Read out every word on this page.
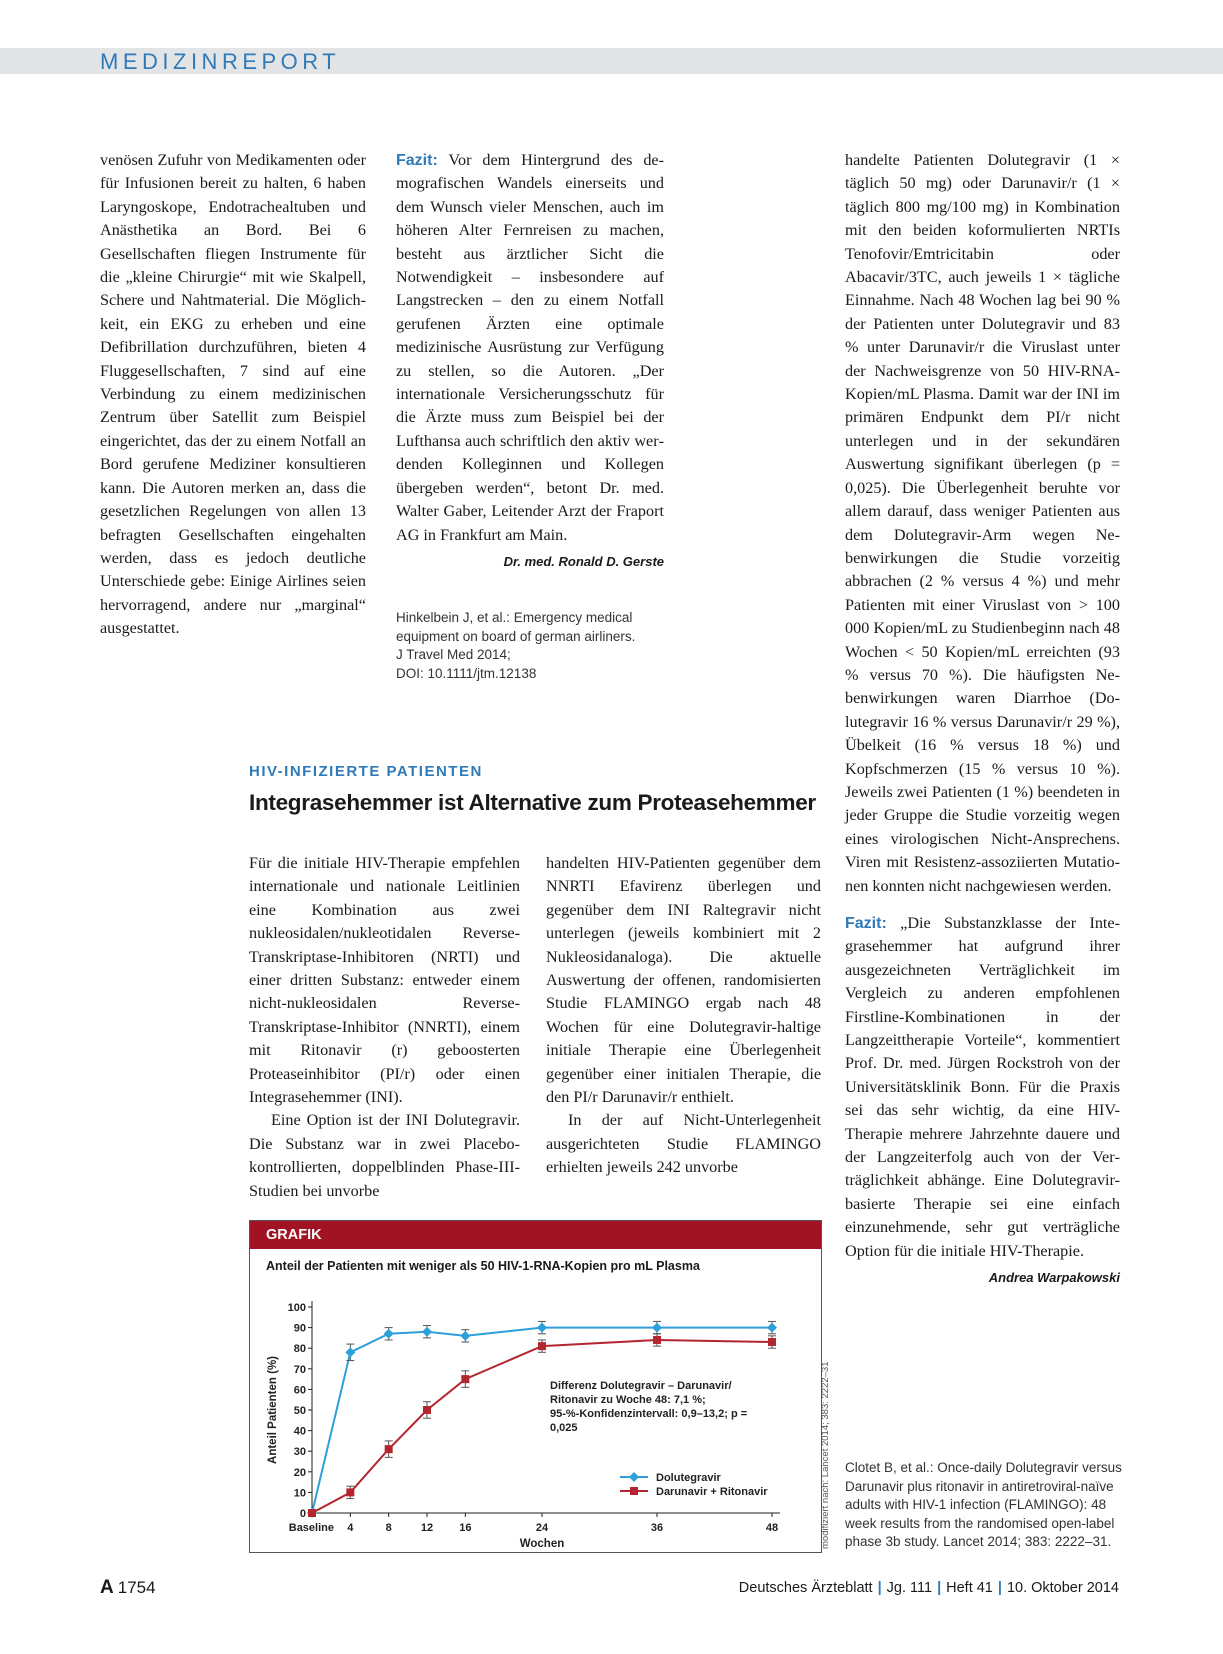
MEDIZINREPORT

venösen Zufuhr von Medikamenten oder für Infusionen bereit zu halten, 6 haben Laryngoskope, Endotrachealtuben und Anästhetika an Bord. Bei 6 Gesellschaften fliegen Instrumente für die „kleine Chirurgie“ mit wie Skalpell, Schere und Nahtmaterial. Die Möglichkeit, ein EKG zu erheben und eine Defibrillation durchzuführen, bieten 4 Fluggesellschaften, 7 sind auf eine Verbindung zu einem medizinischen Zentrum über Satellit zum Beispiel eingerichtet, das der zu einem Notfall an Bord gerufene Mediziner konsultieren kann. Die Autoren merken an, dass die gesetzlichen Regelungen von allen 13 befragten Gesellschaften eingehalten werden, dass es jedoch deutliche Unterschiede gebe: Einige Airlines seien hervorragend, andere nur „marginal“ ausgestattet.

Fazit: Vor dem Hintergrund des demografischen Wandels einerseits und dem Wunsch vieler Menschen, auch im höheren Alter Fernreisen zu machen, besteht aus ärztlicher Sicht die Notwendigkeit – insbesondere auf Langstrecken – den zu einem Notfall gerufenen Ärzten eine optimale medizinische Ausrüstung zur Verfügung zu stellen, so die Autoren. „Der internationale Versicherungsschutz für die Ärzte muss zum Beispiel bei der Lufthansa auch schriftlich den aktiv werdenden Kolleginnen und Kollegen übergeben werden“, betont Dr. med. Walter Gaber, Leitender Arzt der Fraport AG in Frankfurt am Main.
Dr. med. Ronald D. Gerste

Hinkelbein J, et al.: Emergency medical
equipment on board of german airliners.
J Travel Med 2014;
DOI: 10.1111/jtm.12138
HIV-INFIZIERTE PATIENTEN
Integrasehemmer ist Alternative zum Proteasehemmer

Für die initiale HIV-Therapie empfehlen internationale und nationale Leitlinien eine Kombination aus zwei nukleosidalen/nukleotidalen Reverse-Transkriptase-Inhibitoren (NRTI) und einer dritten Substanz: entweder einem nicht-nukleosidalen Reverse-Transkriptase-Inhibitor (NNRTI), einem mit Ritonavir (r) geboosterten Proteaseinhibitor (PI/r) oder einen Integrasehemmer (INI).

Eine Option ist der INI Dolutegravir. Die Substanz war in zwei Placebo-kontrollierten, doppelblinden Phase-III-Studien bei unvorbe

handelten HIV-Patienten gegenüber dem NNRTI Efavirenz überlegen und gegenüber dem INI Raltegravir nicht unterlegen (jeweils kombiniert mit 2 Nukleosidanaloga). Die aktuelle Auswertung der offenen, randomisierten Studie FLAMINGO ergab nach 48 Wochen für eine Dolutegravir-haltige initiale Therapie eine Überlegenheit gegenüber einer initialen Therapie, die den PI/r Darunavir/r enthielt.

In der auf Nicht-Unterlegenheit ausgerichteten Studie FLAMINGO erhielten jeweils 242 unvorbe

handelte Patienten Dolutegravir (1 × täglich 50 mg) oder Darunavir/r (1 × täglich 800 mg/100 mg) in Kombination mit den beiden koformulierten NRTIs Tenofovir/Emtricitabin oder Abacavir/3TC, auch jeweils 1 × tägliche Einnahme. Nach 48 Wochen lag bei 90 % der Patienten unter Dolutegravir und 83 % unter Darunavir/r die Viruslast unter der Nachweisgrenze von 50 HIV-RNA-Kopien/mL Plasma. Damit war der INI im primären Endpunkt dem PI/r nicht unterlegen und in der sekundären Auswertung signifikant überlegen (p = 0,025). Die Überlegenheit beruhte vor allem darauf, dass weniger Patienten aus dem Dolutegravir-Arm wegen Nebenwirkungen die Studie vorzeitig abbrachen (2 % versus 4 %) und mehr Patienten mit einer Viruslast von > 100 000 Kopien/mL zu Studienbeginn nach 48 Wochen < 50 Kopien/mL erreichten (93 % versus 70 %). Die häufigsten Nebenwirkungen waren Diarrhoe (Dolutegravir 16 % versus Darunavir/r 29 %), Übelkeit (16 % versus 18 %) und Kopfschmerzen (15 % versus 10 %). Jeweils zwei Patienten (1 %) beendeten in jeder Gruppe die Studie vorzeitig wegen eines virologischen Nicht-Ansprechens. Viren mit Resistenz-assoziierten Mutationen konnten nicht nachgewiesen werden.

Fazit: „Die Substanzklasse der Integrasehemmer hat aufgrund ihrer ausgezeichneten Verträglichkeit im Vergleich zu anderen empfohlenen Firstline-Kombinationen in der Langzeittherapie Vorteile“, kommentiert Prof. Dr. med. Jürgen Rockstroh von der Universitätsklinik Bonn. Für die Praxis sei das sehr wichtig, da eine HIV-Therapie mehrere Jahrzehnte dauere und der Langzeiterfolg auch von der Verträglichkeit abhänge. Eine Dolutegravir-basierte Therapie sei eine einfach einzunehmende, sehr gut verträgliche Option für die initiale HIV-Therapie.
Andrea Warpakowski

Clotet B, et al.: Once-daily Dolutegravir versus
Darunavir plus ritonavir in antiretroviral-naïve
adults with HIV-1 infection (FLAMINGO): 48
week results from the randomised open-label
phase 3b study. Lancet 2014; 383: 2222–31.
GRAFIK
Anteil der Patienten mit weniger als 50 HIV-1-RNA-Kopien pro mL Plasma
0
10
20
30
40
50
60
70
80
90
100
Baseline 4	8	12 16	24	36	48
Wochen
Anteil Patienten (%)	Differenz Dolutegravir – Darunavir/
Ritonavir zu Woche 48: 7,1 %;
95-%-Konfidenzintervall: 0,9–13,2; p =
0,025
Dolutegravir
Darunavir + Ritonavir	modifiziert nach: Lancet 2014; 383: 2222–31
A 1754	Deutsches Ärzteblatt | Jg. 111 | Heft 41 | 10. Oktober 2014
